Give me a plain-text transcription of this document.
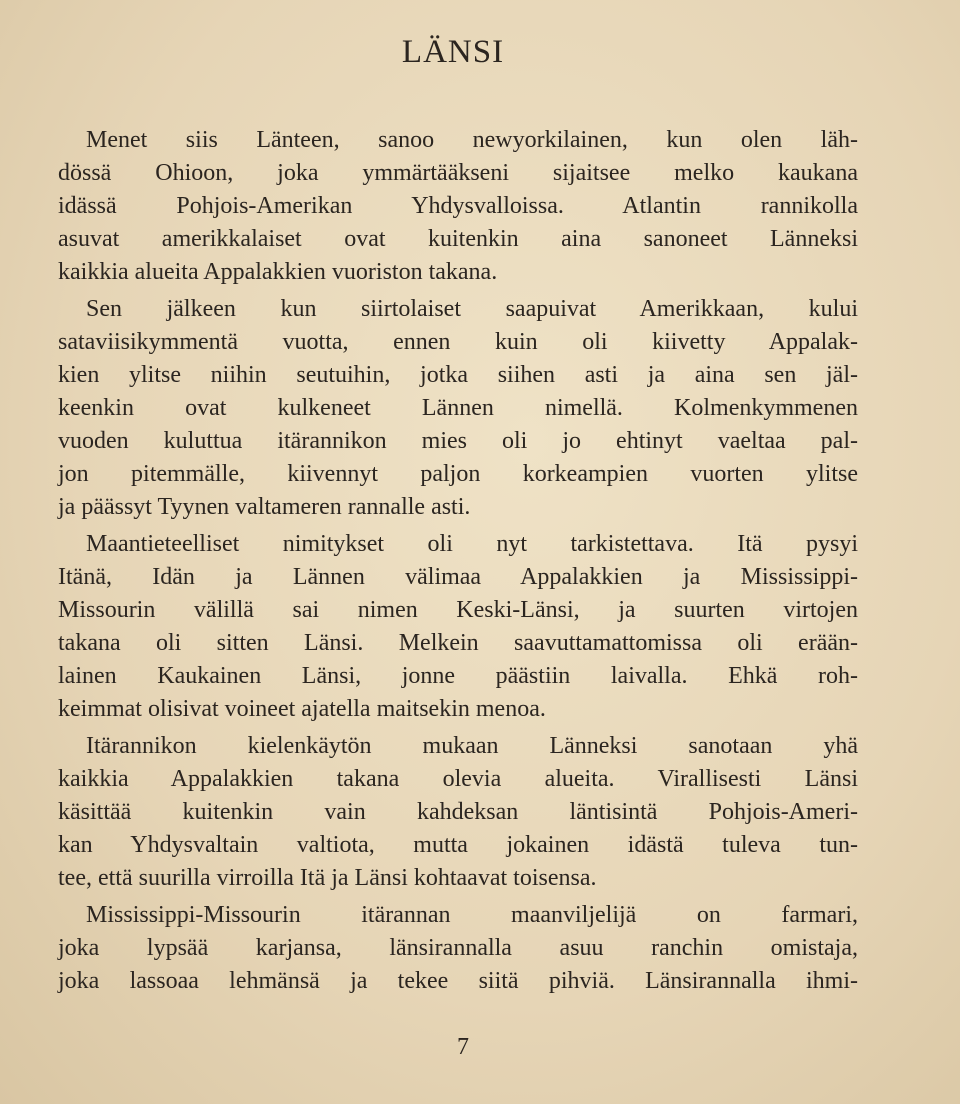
LÄNSI
Menet siis Länteen, sanoo newyorkilainen, kun olen läh-
dössä Ohioon, joka ymmärtääkseni sijaitsee melko kaukana
idässä Pohjois-Amerikan Yhdysvalloissa. Atlantin rannikolla
asuvat amerikkalaiset ovat kuitenkin aina sanoneet Länneksi
kaikkia alueita Appalakkien vuoriston takana.
Sen jälkeen kun siirtolaiset saapuivat Amerikkaan, kului
sataviisikymmentä vuotta, ennen kuin oli kiivetty Appalak-
kien ylitse niihin seutuihin, jotka siihen asti ja aina sen jäl-
keenkin ovat kulkeneet Lännen nimellä. Kolmenkymmenen
vuoden kuluttua itärannikon mies oli jo ehtinyt vaeltaa pal-
jon pitemmälle, kiivennyt paljon korkeampien vuorten ylitse
ja päässyt Tyynen valtameren rannalle asti.
Maantieteelliset nimitykset oli nyt tarkistettava. Itä pysyi
Itänä, Idän ja Lännen välimaa Appalakkien ja Mississippi-
Missourin välillä sai nimen Keski-Länsi, ja suurten virtojen
takana oli sitten Länsi. Melkein saavuttamattomissa oli erään-
lainen Kaukainen Länsi, jonne päästiin laivalla. Ehkä roh-
keimmat olisivat voineet ajatella maitsekin menoa.
Itärannikon kielenkäytön mukaan Länneksi sanotaan yhä
kaikkia Appalakkien takana olevia alueita. Virallisesti Länsi
käsittää kuitenkin vain kahdeksan läntisintä Pohjois-Ameri-
kan Yhdysvaltain valtiota, mutta jokainen idästä tuleva tun-
tee, että suurilla virroilla Itä ja Länsi kohtaavat toisensa.
Mississippi-Missourin itärannan maanviljelijä on farmari,
joka lypsää karjansa, länsirannalla asuu ranchin omistaja,
joka lassoaa lehmänsä ja tekee siitä pihviä. Länsirannalla ihmi-
7
